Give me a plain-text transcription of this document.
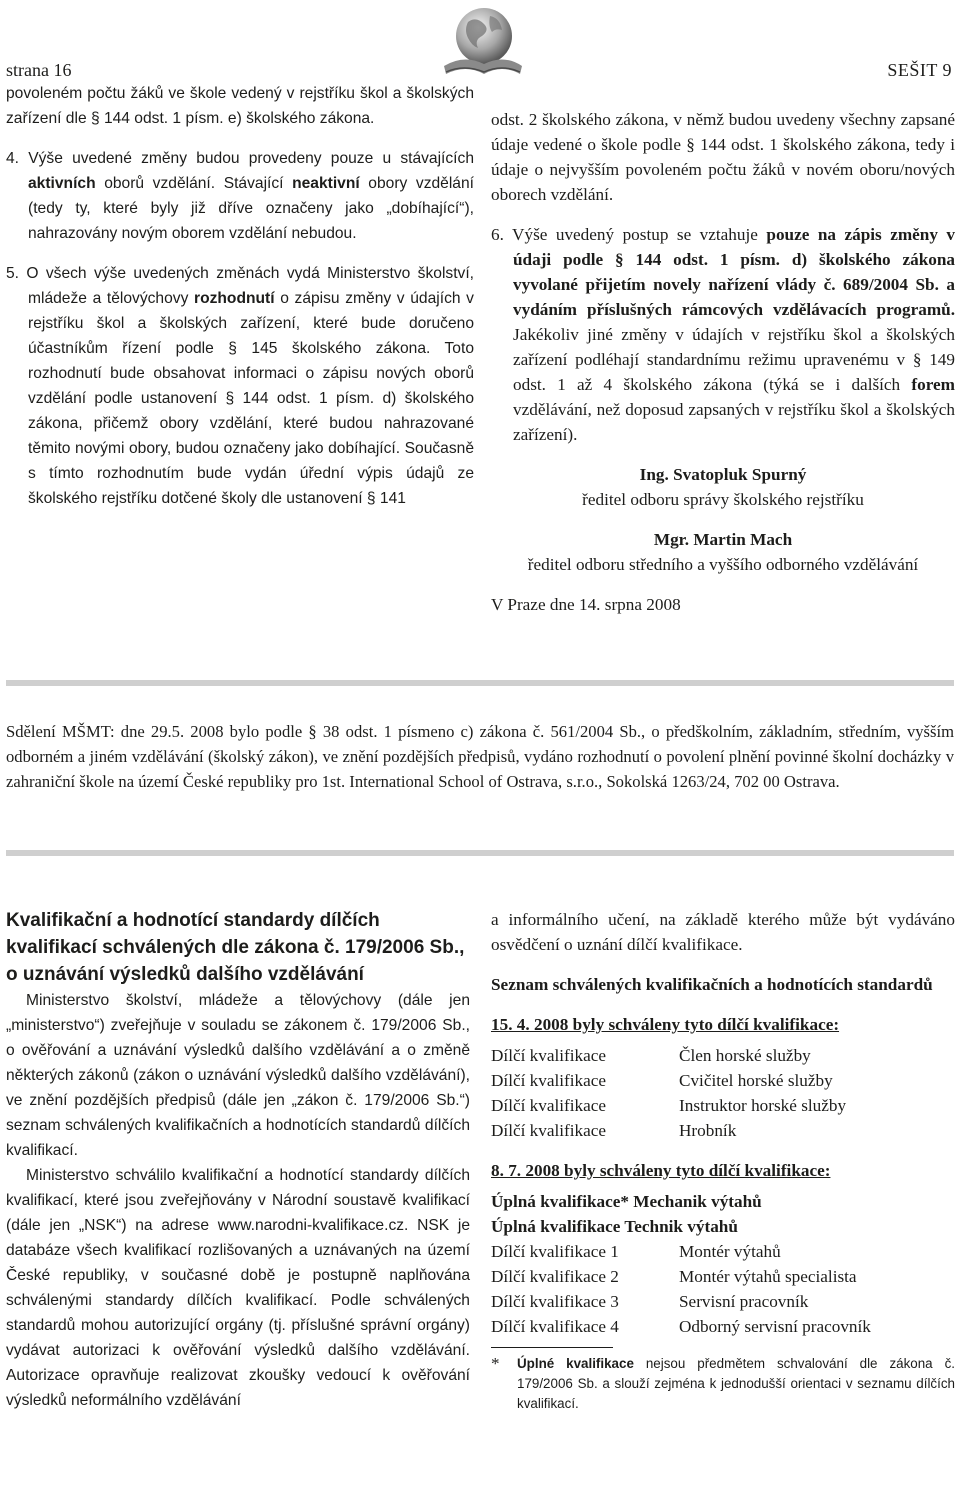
strana 16	SEŠIT 9

povoleném počtu žáků ve škole vedený v rejstříku škol a školských zařízení dle § 144 odst. 1 písm. e) školského zákona.

4. Výše uvedené změny budou provedeny pouze u stávajících aktivních oborů vzdělání. Stávající neaktivní obory vzdělání (tedy ty, které byly již dříve označeny jako „dobíhající“), nahrazovány novým oborem vzdělání nebudou.

5. O všech výše uvedených změnách vydá Ministerstvo školství, mládeže a tělovýchovy rozhodnutí o zápisu změny v údajích v rejstříku škol a školských zařízení, které bude doručeno účastníkům řízení podle § 145 školského zákona. Toto rozhodnutí bude obsahovat informaci o zápisu nových oborů vzdělání podle ustanovení § 144 odst. 1 písm. d) školského zákona, přičemž obory vzdělání, které budou nahrazované těmito novými obory, budou označeny jako dobíhající. Současně s tímto rozhodnutím bude vydán úřední výpis údajů ze školského rejstříku dotčené školy dle ustanovení § 141

odst. 2 školského zákona, v němž budou uvedeny všechny zapsané údaje vedené o škole podle § 144 odst. 1 školského zákona, tedy i údaje o nejvyšším povoleném počtu žáků v novém oboru/nových oborech vzdělání.

6. Výše uvedený postup se vztahuje pouze na zápis změny v údaji podle § 144 odst. 1 písm. d) školského zákona vyvolané přijetím novely nařízení vlády č. 689/2004 Sb. a vydáním příslušných rámcových vzdělávacích programů. Jakékoliv jiné změny v údajích v rejstříku škol a školských zařízení podléhají standardnímu režimu upravenému v § 149 odst. 1 až 4 školského zákona (týká se i dalších forem vzdělávání, než doposud zapsaných v rejstříku škol a školských zařízení).

Ing. Svatopluk Spurný

ředitel odboru správy školského rejstříku

Mgr. Martin Mach

ředitel odboru středního a vyššího odborného vzdělávání

V Praze dne 14. srpna 2008

Sdělení MŠMT: dne 29.5. 2008 bylo podle § 38 odst. 1 písmeno c) zákona č. 561/2004 Sb., o předškolním, základním, středním, vyšším odborném a jiném vzdělávání (školský zákon), ve znění pozdějších předpisů, vydáno rozhodnutí o povolení plnění povinné školní docházky v zahraniční škole na území České republiky pro 1st. International School of Ostrava, s.r.o., Sokolská 1263/24, 702 00 Ostrava.

Kvalifikační a hodnotící standardy dílčích kvalifikací schválených dle zákona č. 179/2006 Sb., o uznávání výsledků dalšího vzdělávání

Ministerstvo školství, mládeže a tělovýchovy (dále jen „ministerstvo“) zveřejňuje v souladu se zákonem č. 179/2006 Sb., o ověřování a uznávání výsledků dalšího vzdělávání a o změně některých zákonů (zákon o uznávání výsledků dalšího vzdělávání), ve znění pozdějších předpisů (dále jen „zákon č. 179/2006 Sb.“) seznam schválených kvalifikačních a hodnotících standardů dílčích kvalifikací.

Ministerstvo schválilo kvalifikační a hodnotící standardy dílčích kvalifikací, které jsou zveřejňovány v Národní soustavě kvalifikací (dále jen „NSK“) na adrese www.narodni-kvalifikace.cz. NSK je databáze všech kvalifikací rozlišovaných a uznávaných na území České republiky, v současné době je postupně naplňována schválenými standardy dílčích kvalifikací. Podle schválených standardů mohou autorizující orgány (tj. příslušné správní orgány) vydávat autorizaci k ověřování výsledků dalšího vzdělávání. Autorizace opravňuje realizovat zkoušky vedoucí k ověřování výsledků neformálního vzdělávání

a informálního učení, na základě kterého může být vydáváno osvědčení o uznání dílčí kvalifikace.

Seznam schválených kvalifikačních a hodnotících standardů

15. 4. 2008 byly schváleny tyto dílčí kvalifikace:

Dílčí kvalifikace	Člen horské služby
Dílčí kvalifikace	Cvičitel horské služby
Dílčí kvalifikace	Instruktor horské služby
Dílčí kvalifikace	Hrobník

8. 7. 2008 byly schváleny tyto dílčí kvalifikace:

Úplná kvalifikace* Mechanik výtahů

Úplná kvalifikace Technik výtahů

Dílčí kvalifikace 1	Montér výtahů
Dílčí kvalifikace 2	Montér výtahů specialista
Dílčí kvalifikace 3	Servisní pracovník
Dílčí kvalifikace 4	Odborný servisní pracovník
*	Úplné kvalifikace nejsou předmětem schvalování dle zákona č. 179/2006 Sb. a slouží zejména k jednodušší orientaci v seznamu dílčích kvalifikací.
